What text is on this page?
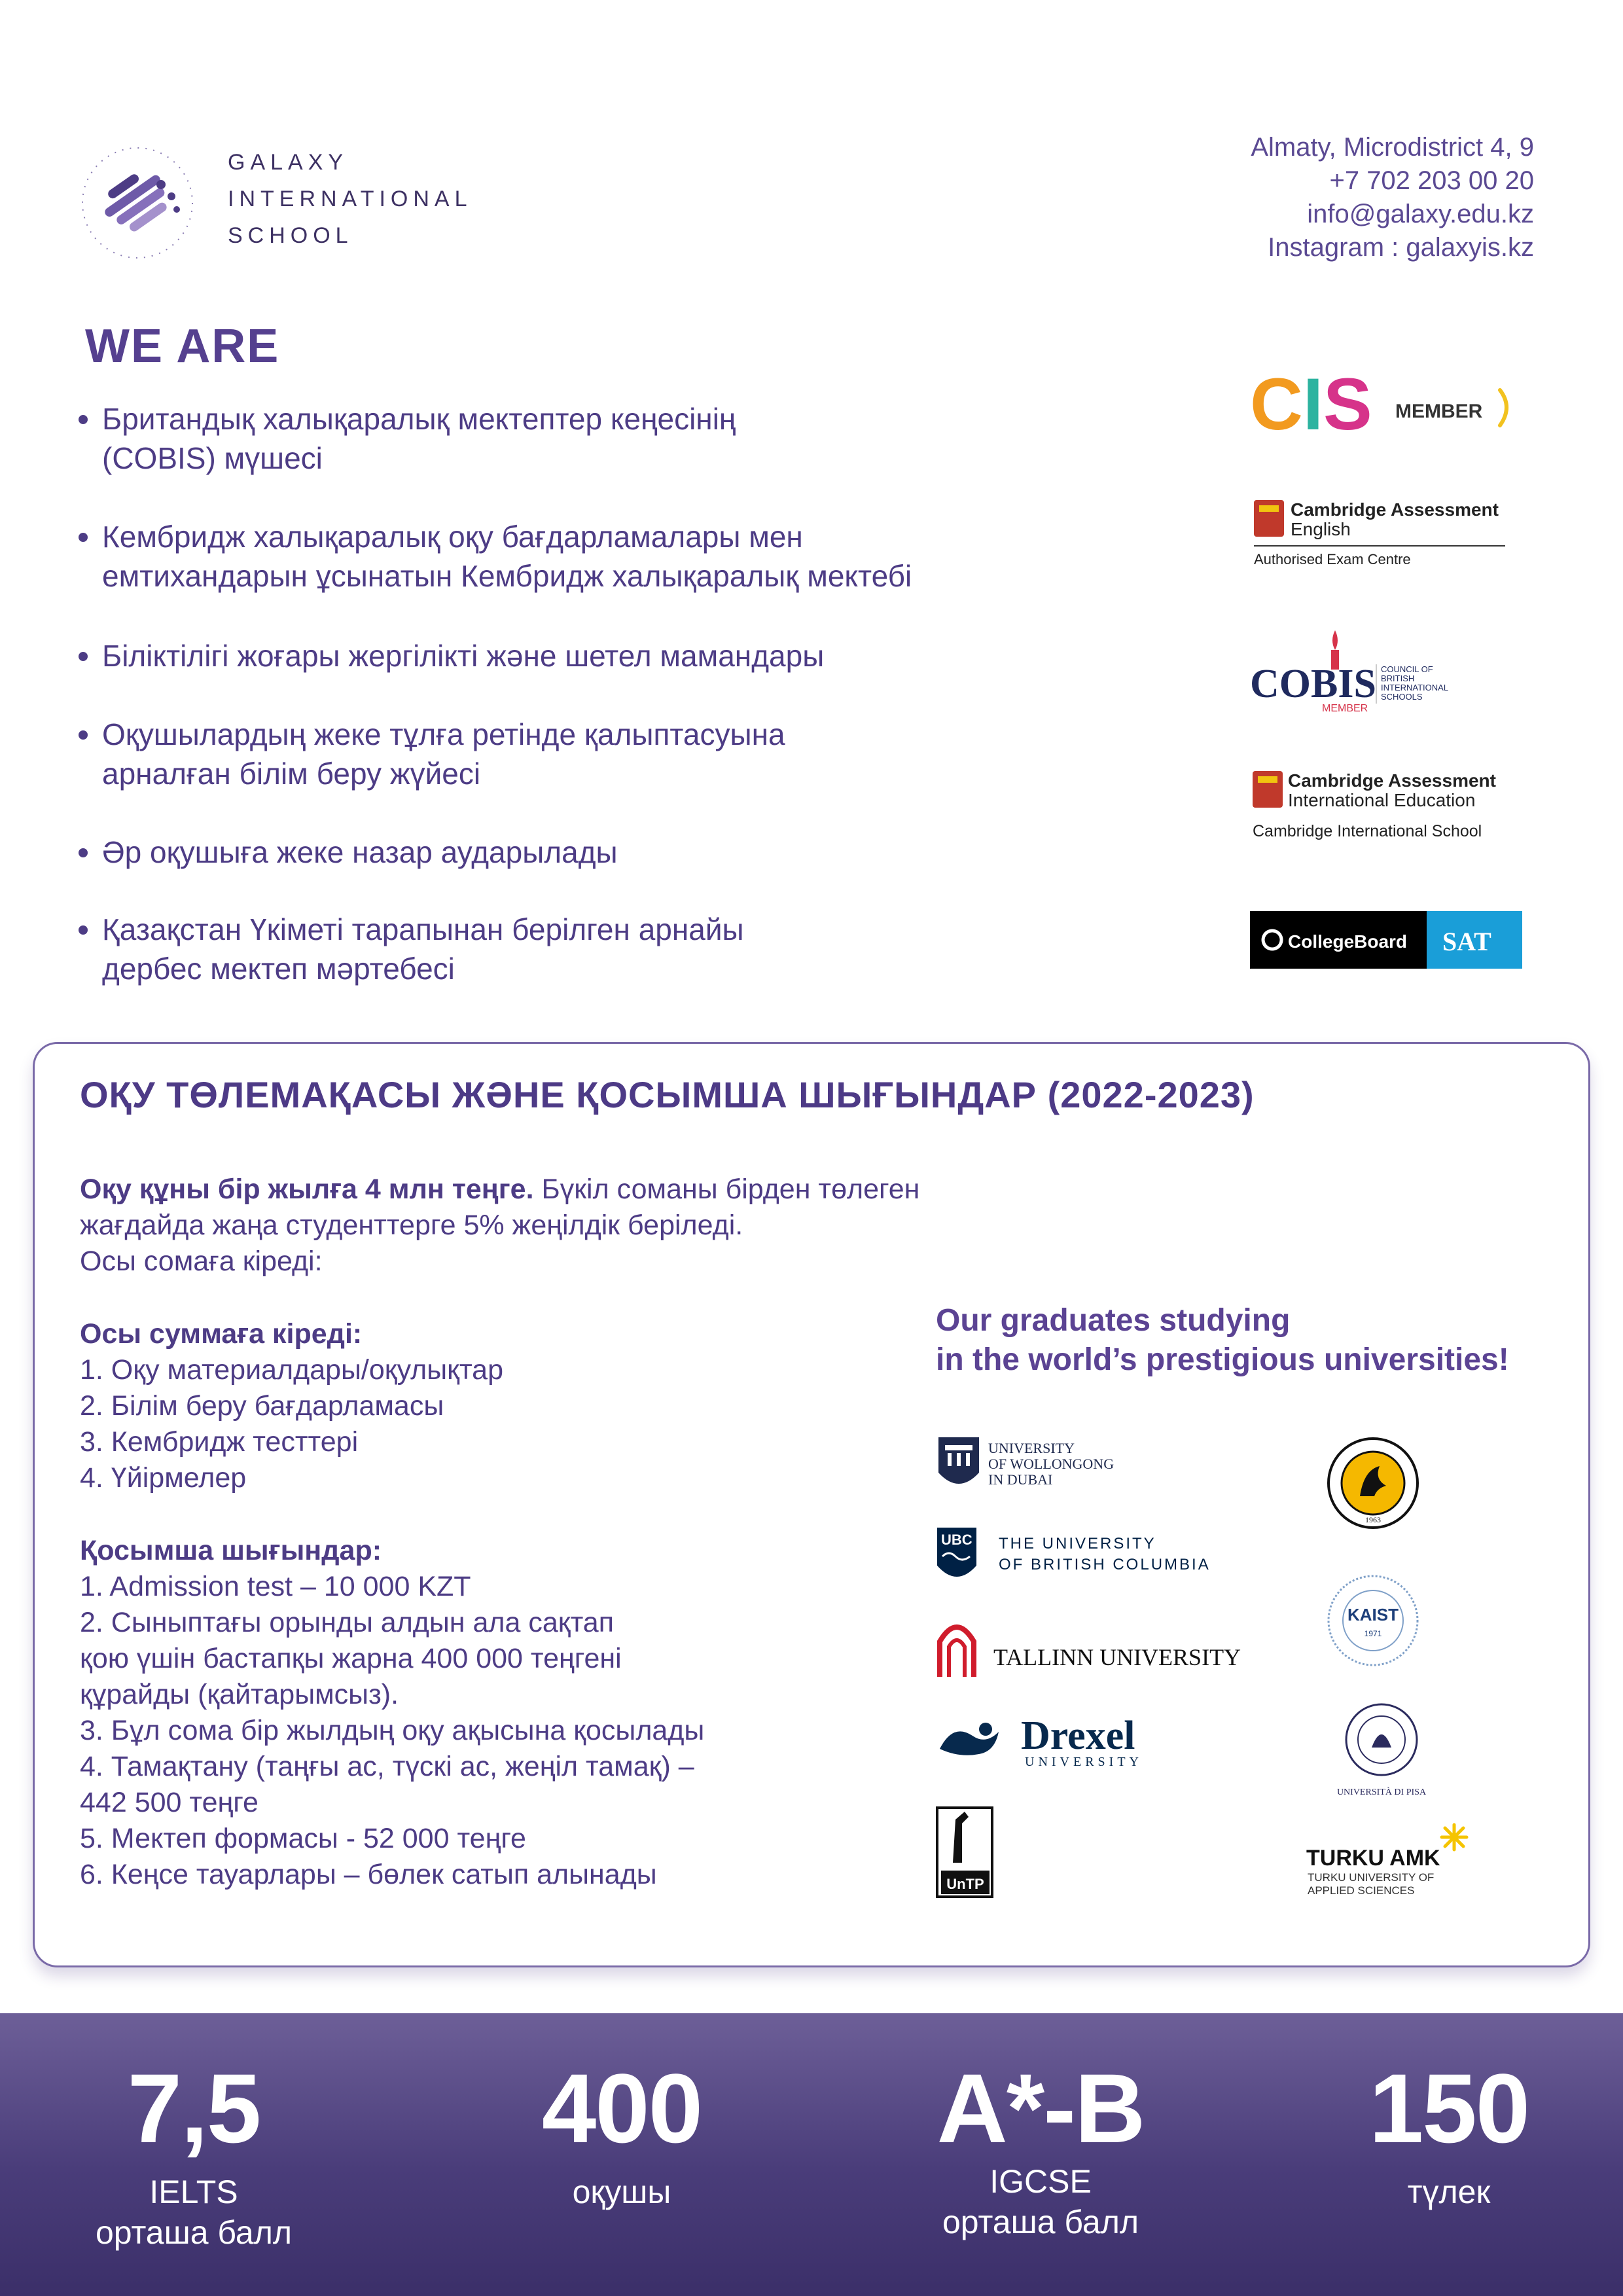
GALAXY
INTERNATIONAL
SCHOOL
Almaty, Microdistrict 4, 9
+7 702 203 00 20
info@galaxy.edu.kz
Instagram : galaxyis.kz
WE ARE
Британдық халықаралық мектептер кеңесінің
(COBIS) мүшесі
Кембридж халықаралық оқу бағдарламалары мен
емтихандарын ұсынатын Кембридж халықаралық мектебі
Біліктілігі жоғары жергілікті және шетел мамандары
Оқушылардың жеке тұлға ретінде қалыптасуына
арналған білім беру жүйесі
Әр оқушыға жеке назар аударылады
Қазақстан Үкіметі тарапынан берілген арнайы
дербес мектеп мәртебесі
CIS MEMBER
Cambridge Assessment
English
Authorised Exam Centre
COBIS
MEMBER
COUNCIL OF
BRITISH
INTERNATIONAL
SCHOOLS
Cambridge Assessment
International Education
Cambridge International School
CollegeBoard SAT
ОҚУ ТӨЛЕМАҚАСЫ ЖӘНЕ ҚОСЫМША ШЫҒЫНДАР (2022-2023)
Оқу құны бір жылға 4 млн теңге. Бүкіл соманы бірден төлеген
жағдайда жаңа студенттерге 5% жеңілдік беріледі.
Осы сомаға кіреді:
Осы суммаға кіреді:
1. Оқу материалдары/оқулықтар
2. Білім беру бағдарламасы
3. Кембридж тесттері
4. Үйірмелер
Қосымша шығындар:
1. Admission test – 10 000 KZT
2. Сыныптағы орынды алдын ала сақтап
қою үшін бастапқы жарна 400 000 теңгені
құрайды (қайтарымсыз).
3. Бұл сома бір жылдың оқу ақысына қосылады
4. Тамақтану (таңғы ас, түскі ас, жеңіл тамақ) –
442 500 теңге
5. Мектеп формасы - 52 000 теңге
6. Кеңсе тауарлары – бөлек сатып алынады
Our graduates studying
in the world’s prestigious universities!
UNIVERSITY
OF WOLLONGONG
IN DUBAI
UBC THE UNIVERSITY
OF BRITISH COLUMBIA
TALLINN UNIVERSITY
Drexel
UNIVERSITY
UnTP
1963
KAIST
1971
UNIVERSITÀ DI PISA
TURKU AMK
TURKU UNIVERSITY OF
APPLIED SCIENCES
7,5
IELTS
орташа балл
400
оқушы
A*-B
IGCSE
орташа балл
150
түлек
